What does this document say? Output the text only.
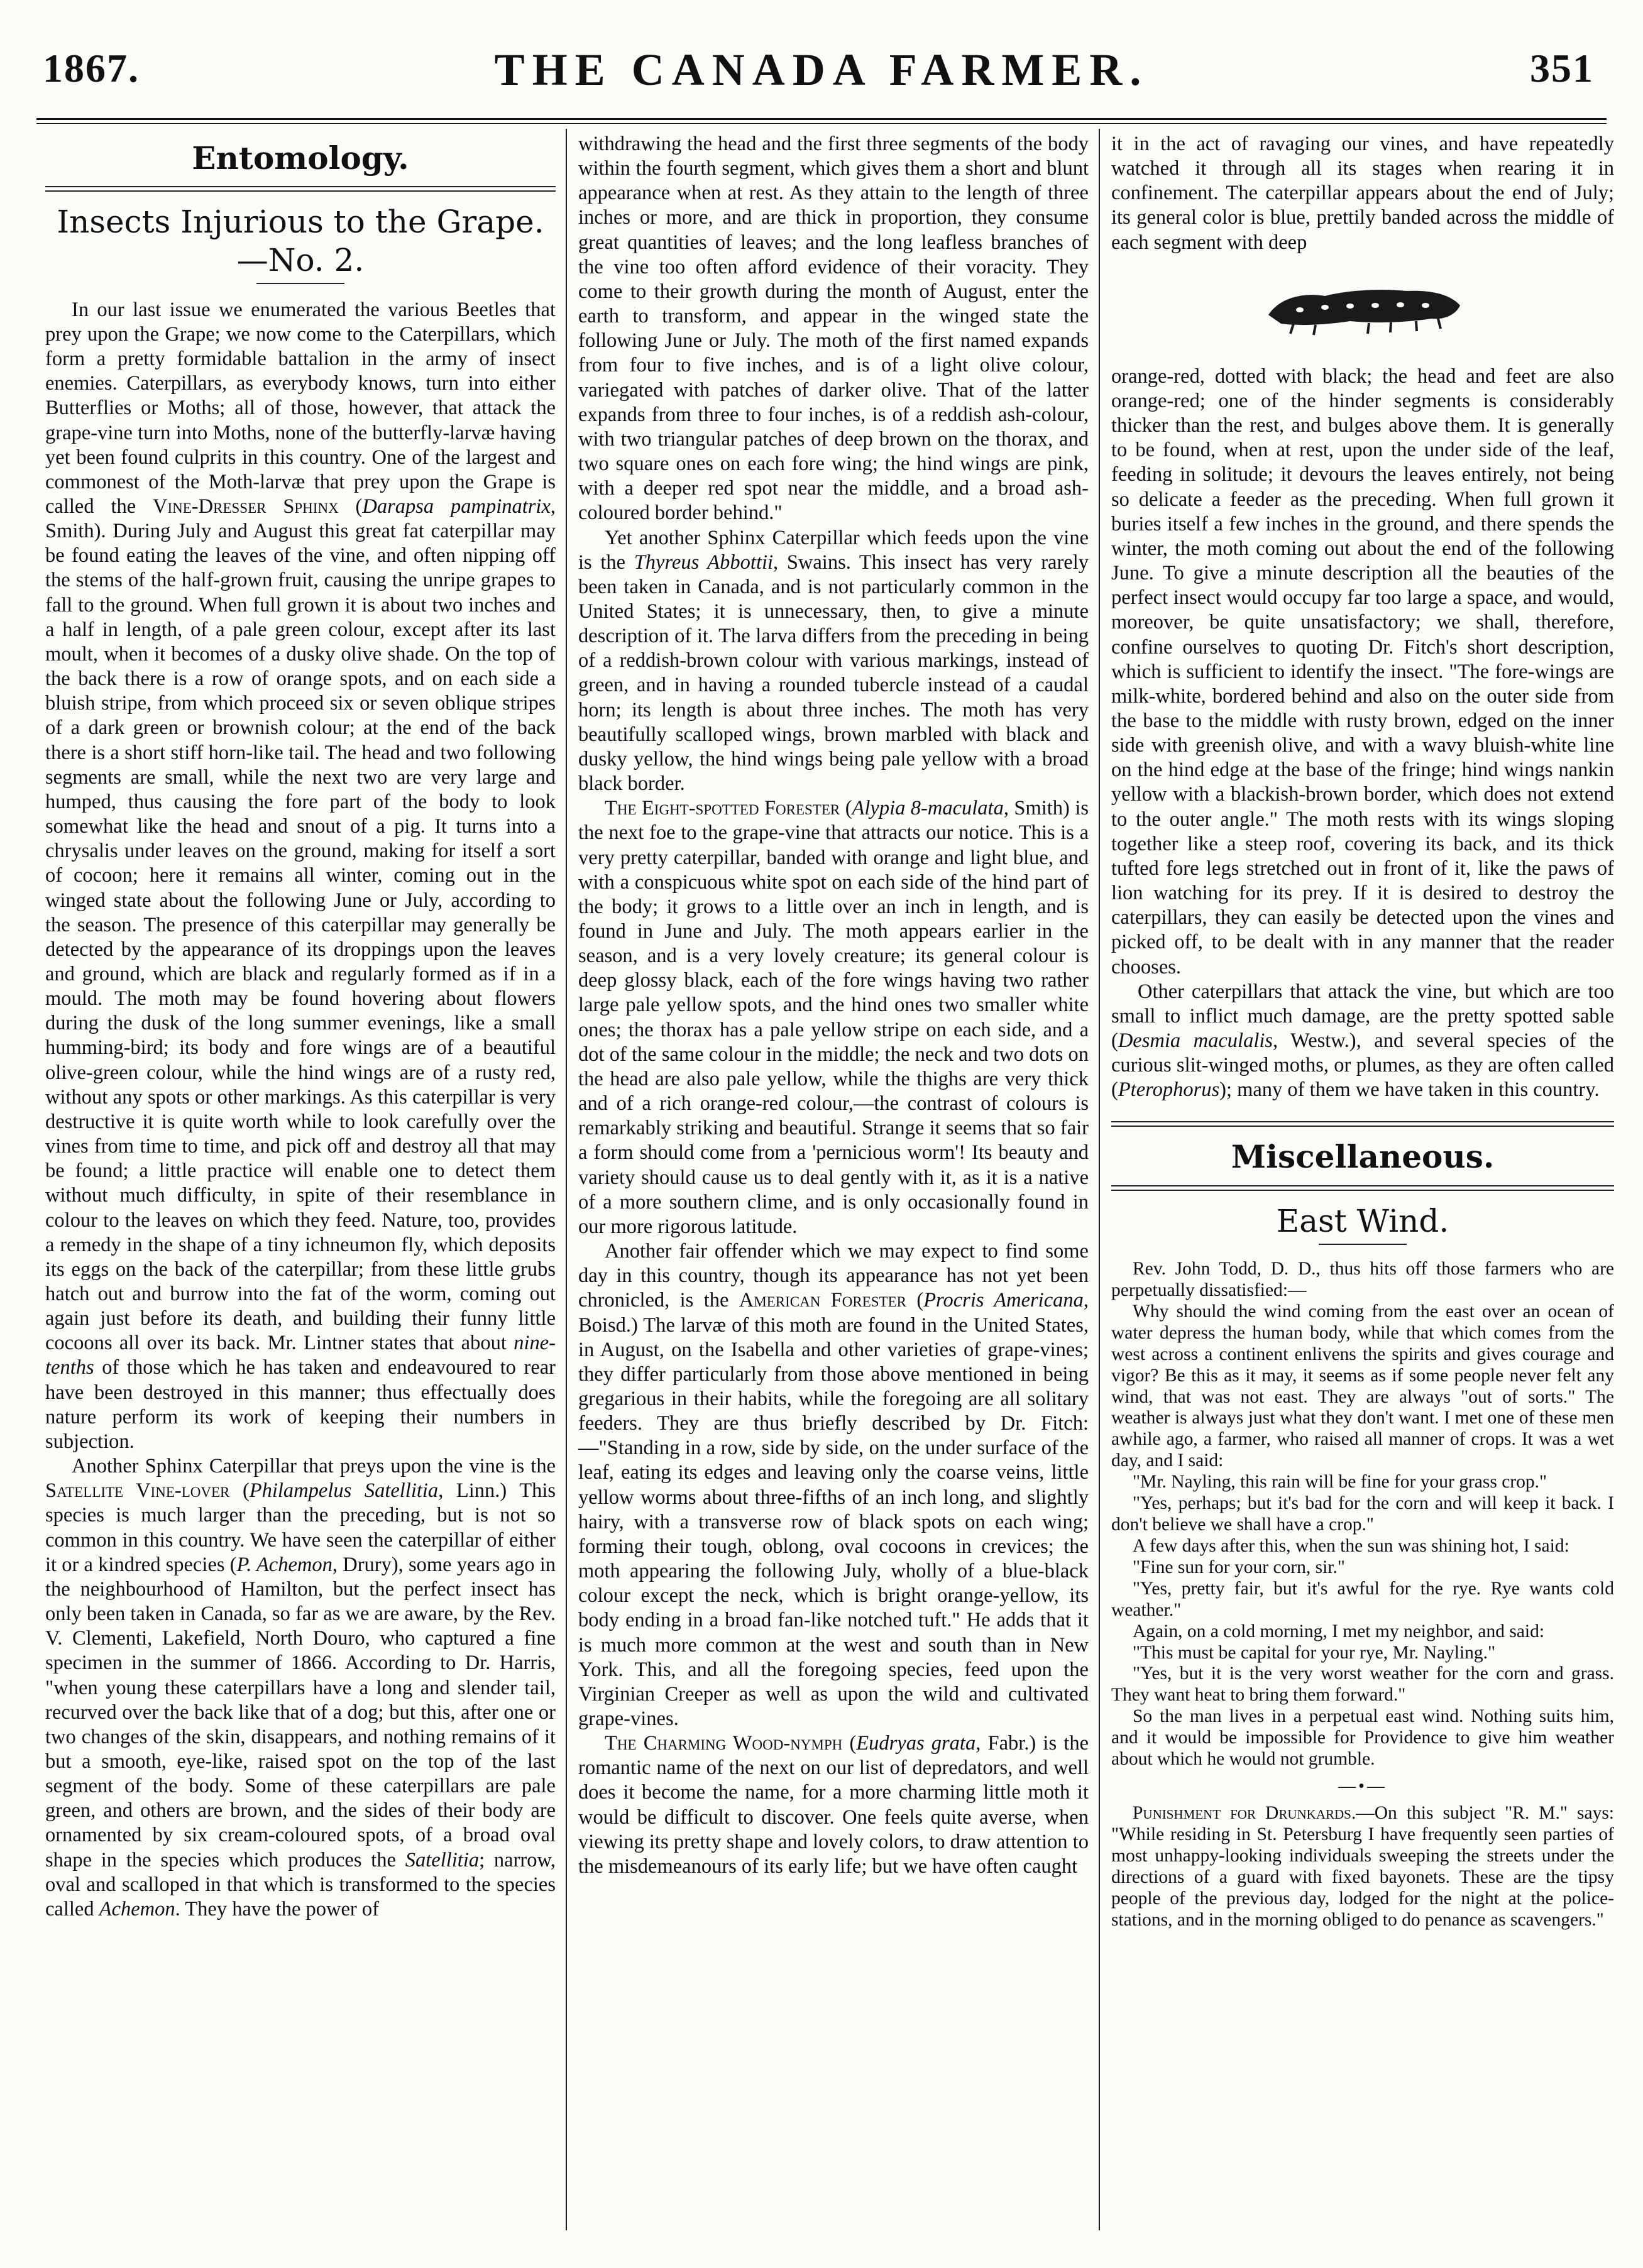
1867.	THE CANADA FARMER.	351
Entomology.
Insects Injurious to the Grape.—No. 2.

In our last issue we enumerated the various Beetles that prey upon the Grape; we now come to the Caterpillars, which form a pretty formidable battalion in the army of insect enemies. Caterpillars, as everybody knows, turn into either Butterflies or Moths; all of those, however, that attack the grape-vine turn into Moths, none of the butterfly-larvæ having yet been found culprits in this country. One of the largest and commonest of the Moth-larvæ that prey upon the Grape is called the Vine-Dresser Sphinx (Darapsa pampinatrix, Smith). During July and August this great fat caterpillar may be found eating the leaves of the vine, and often nipping off the stems of the half-grown fruit, causing the unripe grapes to fall to the ground. When full grown it is about two inches and a half in length, of a pale green colour, except after its last moult, when it becomes of a dusky olive shade. On the top of the back there is a row of orange spots, and on each side a bluish stripe, from which proceed six or seven oblique stripes of a dark green or brownish colour; at the end of the back there is a short stiff horn-like tail. The head and two following segments are small, while the next two are very large and humped, thus causing the fore part of the body to look somewhat like the head and snout of a pig. It turns into a chrysalis under leaves on the ground, making for itself a sort of cocoon; here it remains all winter, coming out in the winged state about the following June or July, according to the season. The presence of this caterpillar may generally be detected by the appearance of its droppings upon the leaves and ground, which are black and regularly formed as if in a mould. The moth may be found hovering about flowers during the dusk of the long summer evenings, like a small humming-bird; its body and fore wings are of a beautiful olive-green colour, while the hind wings are of a rusty red, without any spots or other markings. As this caterpillar is very destructive it is quite worth while to look carefully over the vines from time to time, and pick off and destroy all that may be found; a little practice will enable one to detect them without much difficulty, in spite of their resemblance in colour to the leaves on which they feed. Nature, too, provides a remedy in the shape of a tiny ichneumon fly, which deposits its eggs on the back of the caterpillar; from these little grubs hatch out and burrow into the fat of the worm, coming out again just before its death, and building their funny little cocoons all over its back. Mr. Lintner states that about nine-tenths of those which he has taken and endeavoured to rear have been destroyed in this manner; thus effectually does nature perform its work of keeping their numbers in subjection.

Another Sphinx Caterpillar that preys upon the vine is the Satellite Vine-lover (Philampelus Satellitia, Linn.) This species is much larger than the preceding, but is not so common in this country. We have seen the caterpillar of either it or a kindred species (P. Achemon, Drury), some years ago in the neighbourhood of Hamilton, but the perfect insect has only been taken in Canada, so far as we are aware, by the Rev. V. Clementi, Lakefield, North Douro, who captured a fine specimen in the summer of 1866. According to Dr. Harris, "when young these caterpillars have a long and slender tail, recurved over the back like that of a dog; but this, after one or two changes of the skin, disappears, and nothing remains of it but a smooth, eye-like, raised spot on the top of the last segment of the body. Some of these caterpillars are pale green, and others are brown, and the sides of their body are ornamented by six cream-coloured spots, of a broad oval shape in the species which produces the Satellitia; narrow, oval and scalloped in that which is transformed to the species called Achemon. They have the power of

withdrawing the head and the first three segments of the body within the fourth segment, which gives them a short and blunt appearance when at rest. As they attain to the length of three inches or more, and are thick in proportion, they consume great quantities of leaves; and the long leafless branches of the vine too often afford evidence of their voracity. They come to their growth during the month of August, enter the earth to transform, and appear in the winged state the following June or July. The moth of the first named expands from four to five inches, and is of a light olive colour, variegated with patches of darker olive. That of the latter expands from three to four inches, is of a reddish ash-colour, with two triangular patches of deep brown on the thorax, and two square ones on each fore wing; the hind wings are pink, with a deeper red spot near the middle, and a broad ash-coloured border behind."

Yet another Sphinx Caterpillar which feeds upon the vine is the Thyreus Abbottii, Swains. This insect has very rarely been taken in Canada, and is not particularly common in the United States; it is unnecessary, then, to give a minute description of it. The larva differs from the preceding in being of a reddish-brown colour with various markings, instead of green, and in having a rounded tubercle instead of a caudal horn; its length is about three inches. The moth has very beautifully scalloped wings, brown marbled with black and dusky yellow, the hind wings being pale yellow with a broad black border.

The Eight-spotted Forester (Alypia 8-maculata, Smith) is the next foe to the grape-vine that attracts our notice. This is a very pretty caterpillar, banded with orange and light blue, and with a conspicuous white spot on each side of the hind part of the body; it grows to a little over an inch in length, and is found in June and July. The moth appears earlier in the season, and is a very lovely creature; its general colour is deep glossy black, each of the fore wings having two rather large pale yellow spots, and the hind ones two smaller white ones; the thorax has a pale yellow stripe on each side, and a dot of the same colour in the middle; the neck and two dots on the head are also pale yellow, while the thighs are very thick and of a rich orange-red colour,—the contrast of colours is remarkably striking and beautiful. Strange it seems that so fair a form should come from a 'pernicious worm'! Its beauty and variety should cause us to deal gently with it, as it is a native of a more southern clime, and is only occasionally found in our more rigorous latitude.

Another fair offender which we may expect to find some day in this country, though its appearance has not yet been chronicled, is the American Forester (Procris Americana, Boisd.) The larvæ of this moth are found in the United States, in August, on the Isabella and other varieties of grape-vines; they differ particularly from those above mentioned in being gregarious in their habits, while the foregoing are all solitary feeders. They are thus briefly described by Dr. Fitch:—"Standing in a row, side by side, on the under surface of the leaf, eating its edges and leaving only the coarse veins, little yellow worms about three-fifths of an inch long, and slightly hairy, with a transverse row of black spots on each wing; forming their tough, oblong, oval cocoons in crevices; the moth appearing the following July, wholly of a blue-black colour except the neck, which is bright orange-yellow, its body ending in a broad fan-like notched tuft." He adds that it is much more common at the west and south than in New York. This, and all the foregoing species, feed upon the Virginian Creeper as well as upon the wild and cultivated grape-vines.

The Charming Wood-nymph (Eudryas grata, Fabr.) is the romantic name of the next on our list of depredators, and well does it become the name, for a more charming little moth it would be difficult to discover. One feels quite averse, when viewing its pretty shape and lovely colors, to draw attention to the misdemeanours of its early life; but we have often caught

it in the act of ravaging our vines, and have repeatedly watched it through all its stages when rearing it in confinement. The caterpillar appears about the end of July; its general color is blue, prettily banded across the middle of each segment with deep

orange-red, dotted with black; the head and feet are also orange-red; one of the hinder segments is considerably thicker than the rest, and bulges above them. It is generally to be found, when at rest, upon the under side of the leaf, feeding in solitude; it devours the leaves entirely, not being so delicate a feeder as the preceding. When full grown it buries itself a few inches in the ground, and there spends the winter, the moth coming out about the end of the following June. To give a minute description all the beauties of the perfect insect would occupy far too large a space, and would, moreover, be quite unsatisfactory; we shall, therefore, confine ourselves to quoting Dr. Fitch's short description, which is sufficient to identify the insect. "The fore-wings are milk-white, bordered behind and also on the outer side from the base to the middle with rusty brown, edged on the inner side with greenish olive, and with a wavy bluish-white line on the hind edge at the base of the fringe; hind wings nankin yellow with a blackish-brown border, which does not extend to the outer angle." The moth rests with its wings sloping together like a steep roof, covering its back, and its thick tufted fore legs stretched out in front of it, like the paws of lion watching for its prey. If it is desired to destroy the caterpillars, they can easily be detected upon the vines and picked off, to be dealt with in any manner that the reader chooses.

Other caterpillars that attack the vine, but which are too small to inflict much damage, are the pretty spotted sable (Desmia maculalis, Westw.), and several species of the curious slit-winged moths, or plumes, as they are often called (Pterophorus); many of them we have taken in this country.

Miscellaneous.
East Wind.

Rev. John Todd, D. D., thus hits off those farmers who are perpetually dissatisfied:—

Why should the wind coming from the east over an ocean of water depress the human body, while that which comes from the west across a continent enlivens the spirits and gives courage and vigor? Be this as it may, it seems as if some people never felt any wind, that was not east. They are always "out of sorts." The weather is always just what they don't want. I met one of these men awhile ago, a farmer, who raised all manner of crops. It was a wet day, and I said:

"Mr. Nayling, this rain will be fine for your grass crop."

"Yes, perhaps; but it's bad for the corn and will keep it back. I don't believe we shall have a crop."

A few days after this, when the sun was shining hot, I said:

"Fine sun for your corn, sir."

"Yes, pretty fair, but it's awful for the rye. Rye wants cold weather."

Again, on a cold morning, I met my neighbor, and said:

"This must be capital for your rye, Mr. Nayling."

"Yes, but it is the very worst weather for the corn and grass. They want heat to bring them forward."

So the man lives in a perpetual east wind. Nothing suits him, and it would be impossible for Providence to give him weather about which he would not grumble.

—•—

Punishment for Drunkards.—On this subject "R. M." says: "While residing in St. Petersburg I have frequently seen parties of most unhappy-looking individuals sweeping the streets under the directions of a guard with fixed bayonets. These are the tipsy people of the previous day, lodged for the night at the police-stations, and in the morning obliged to do penance as scavengers."
